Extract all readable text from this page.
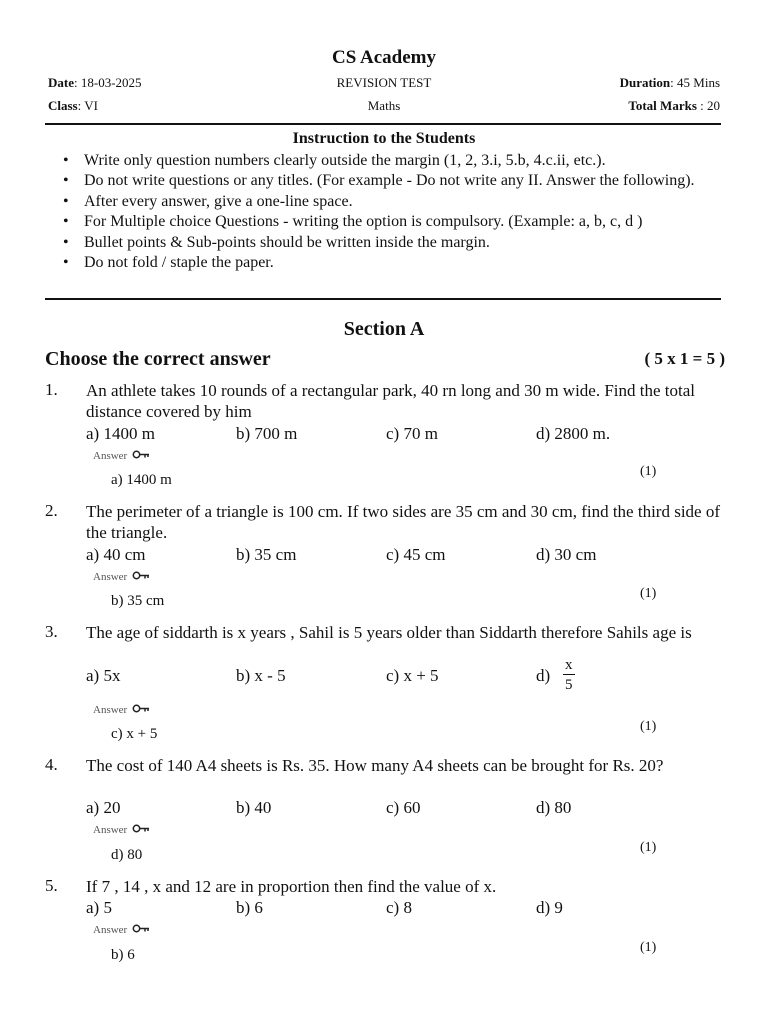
CS Academy
Date: 18-03-2025	REVISION TEST	Duration: 45 Mins
Class: VI	Maths	Total Marks : 20
Instruction to the Students
• Write only question numbers clearly outside the margin (1, 2, 3.i, 5.b, 4.c.ii, etc.).
• Do not write questions or any titles. (For example - Do not write any II. Answer the following).
• After every answer, give a one-line space.
• For Multiple choice Questions - writing the option is compulsory. (Example: a, b, c, d )
• Bullet points & Sub-points should be written inside the margin.
• Do not fold / staple the paper.
Section A
Choose the correct answer	( 5 x 1 = 5 )
1. An athlete takes 10 rounds of a rectangular park, 40 rn long and 30 m wide. Find the total distance covered by him
a) 1400 m	b) 700 m	c) 70 m	d) 2800 m.
Answer
a) 1400 m
(1)
2. The perimeter of a triangle is 100 cm. If two sides are 35 cm and 30 cm, find the third side of the triangle.
a) 40 cm	b) 35 cm	c) 45 cm	d) 30 cm
Answer
b) 35 cm	(1)
3. The age of siddarth is x years , Sahil is 5 years older than Siddarth therefore Sahils age is
a) 5x	b) x - 5	c) x + 5	$d) \frac{x}{5}$
Answer
c) x + 5	(1)
4. The cost of 140 A4 sheets is Rs. 35. How many A4 sheets can be brought for Rs. 20?
a) 20	b) 40	c) 60	d) 80
Answer
d) 80	(1)
5. If 7 , 14 , x and 12 are in proportion then find the value of x.
a) 5	b) 6	c) 8	d) 9
Answer
b) 6	(1)
